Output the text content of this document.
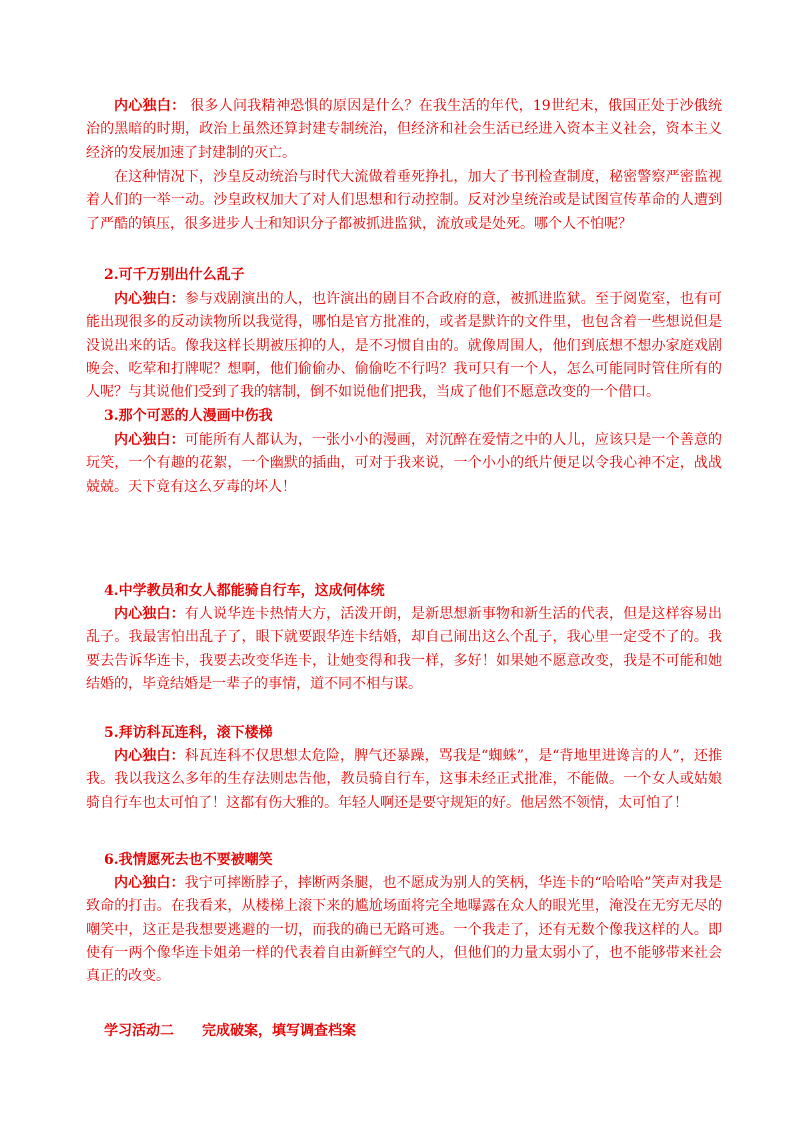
内心独白： 很多人问我精神恐惧的原因是什么？在我生活的年代，19世纪末，俄国正处于沙俄统治的黑暗的时期，政治上虽然还算封建专制统治，但经济和社会生活已经进入资本主义社会，资本主义经济的发展加速了封建制的灭亡。

在这种情况下，沙皇反动统治与时代大流做着垂死挣扎，加大了书刊检查制度，秘密警察严密监视着人们的一举一动。沙皇政权加大了对人们思想和行动控制。反对沙皇统治或是试图宣传革命的人遭到了严酷的镇压，很多进步人士和知识分子都被抓进监狱，流放或是处死。哪个人不怕呢？

2.可千万别出什么乱子

内心独白：参与戏剧演出的人，也许演出的剧目不合政府的意，被抓进监狱。至于阅览室，也有可能出现很多的反动读物所以我觉得，哪怕是官方批准的，或者是默许的文件里，也包含着一些想说但是没说出来的话。像我这样长期被压抑的人，是不习惯自由的。就像周围人，他们到底想不想办家庭戏剧晚会、吃荤和打牌呢？想啊，他们偷偷办、偷偷吃不行吗？我可只有一个人，怎么可能同时管住所有的人呢？与其说他们受到了我的辖制，倒不如说他们把我，当成了他们不愿意改变的一个借口。

3.那个可恶的人漫画中伤我

内心独白：可能所有人都认为，一张小小的漫画，对沉醉在爱情之中的人儿，应该只是一个善意的玩笑，一个有趣的花絮，一个幽默的插曲，可对于我来说，一个小小的纸片便足以令我心神不定，战战兢兢。天下竟有这么歹毒的坏人！

4.中学教员和女人都能骑自行车，这成何体统

内心独白：有人说华连卡热情大方，活泼开朗，是新思想新事物和新生活的代表，但是这样容易出乱子。我最害怕出乱子了，眼下就要跟华连卡结婚，却自己闹出这么个乱子，我心里一定受不了的。我要去告诉华连卡，我要去改变华连卡，让她变得和我一样，多好！如果她不愿意改变，我是不可能和她结婚的，毕竟结婚是一辈子的事情，道不同不相与谋。

5.拜访科瓦连科，滚下楼梯

内心独白：科瓦连科不仅思想太危险，脾气还暴躁，骂我是“蜘蛛”，是“背地里进谗言的人”，还推我。我以我这么多年的生存法则忠告他，教员骑自行车，这事未经正式批准，不能做。一个女人或姑娘骑自行车也太可怕了！这都有伤大雅的。年轻人啊还是要守规矩的好。他居然不领情，太可怕了！

6.我情愿死去也不要被嘲笑

内心独白：我宁可摔断脖子，摔断两条腿，也不愿成为别人的笑柄，华连卡的“哈哈哈”笑声对我是致命的打击。在我看来，从楼梯上滚下来的尴尬场面将完全地曝露在众人的眼光里，淹没在无穷无尽的嘲笑中，这正是我想要逃避的一切，而我的确已无路可逃。一个我走了，还有无数个像我这样的人。即使有一两个像华连卡姐弟一样的代表着自由新鲜空气的人，但他们的力量太弱小了，也不能够带来社会真正的改变。

学习活动二 完成破案，填写调查档案
